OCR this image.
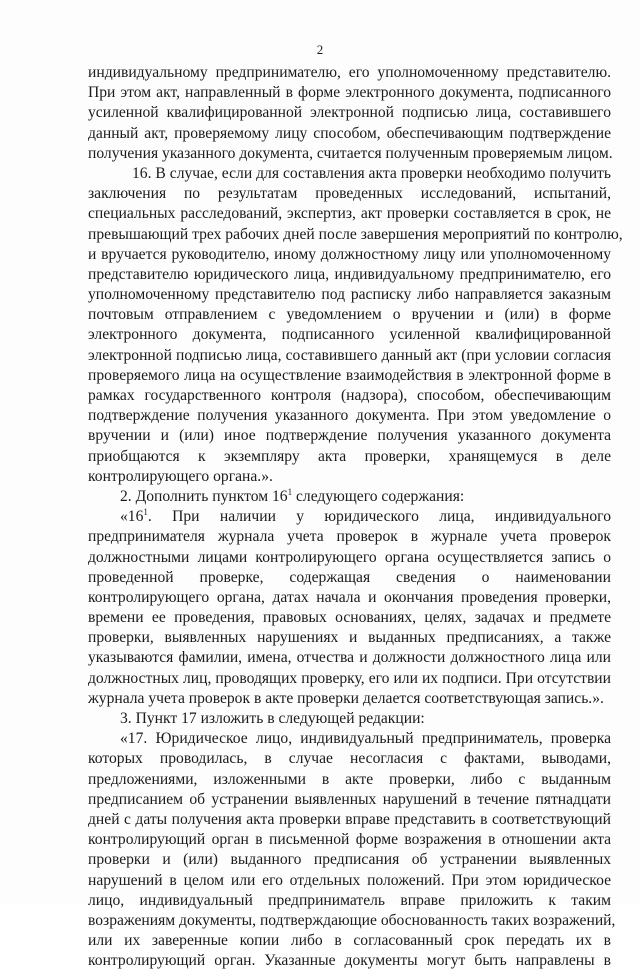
2
индивидуальному предпринимателю, его уполномоченному представителю.
При этом акт, направленный в форме электронного документа, подписанного
усиленной квалифицированной электронной подписью лица, составившего
данный акт, проверяемому лицу способом, обеспечивающим подтверждение
получения указанного документа, считается полученным проверяемым лицом.
16. В случае, если для составления акта проверки необходимо получить
заключения по результатам проведенных исследований, испытаний,
специальных расследований, экспертиз, акт проверки составляется в срок, не
превышающий трех рабочих дней после завершения мероприятий по контролю,
и вручается руководителю, иному должностному лицу или уполномоченному
представителю юридического лица, индивидуальному предпринимателю, его
уполномоченному представителю под расписку либо направляется заказным
почтовым отправлением с уведомлением о вручении и (или) в форме
электронного документа, подписанного усиленной квалифицированной
электронной подписью лица, составившего данный акт (при условии согласия
проверяемого лица на осуществление взаимодействия в электронной форме в
рамках государственного контроля (надзора), способом, обеспечивающим
подтверждение получения указанного документа. При этом уведомление о
вручении и (или) иное подтверждение получения указанного документа
приобщаются к экземпляру акта проверки, хранящемуся в деле
контролирующего органа.».
2. Дополнить пунктом $16^1$ следующего содержания:
«$16^1$. При наличии у юридического лица, индивидуального
предпринимателя журнала учета проверок в журнале учета проверок
должностными лицами контролирующего органа осуществляется запись о
проведенной проверке, содержащая сведения о наименовании
контролирующего органа, датах начала и окончания проведения проверки,
времени ее проведения, правовых основаниях, целях, задачах и предмете
проверки, выявленных нарушениях и выданных предписаниях, а также
указываются фамилии, имена, отчества и должности должностного лица или
должностных лиц, проводящих проверку, его или их подписи. При отсутствии
журнала учета проверок в акте проверки делается соответствующая запись.».
3. Пункт 17 изложить в следующей редакции:
«17. Юридическое лицо, индивидуальный предприниматель, проверка
которых проводилась, в случае несогласия с фактами, выводами,
предложениями, изложенными в акте проверки, либо с выданным
предписанием об устранении выявленных нарушений в течение пятнадцати
дней с даты получения акта проверки вправе представить в соответствующий
контролирующий орган в письменной форме возражения в отношении акта
проверки и (или) выданного предписания об устранении выявленных
нарушений в целом или его отдельных положений. При этом юридическое
лицо, индивидуальный предприниматель вправе приложить к таким
возражениям документы, подтверждающие обоснованность таких возражений,
или их заверенные копии либо в согласованный срок передать их в
контролирующий орган. Указанные документы могут быть направлены в
